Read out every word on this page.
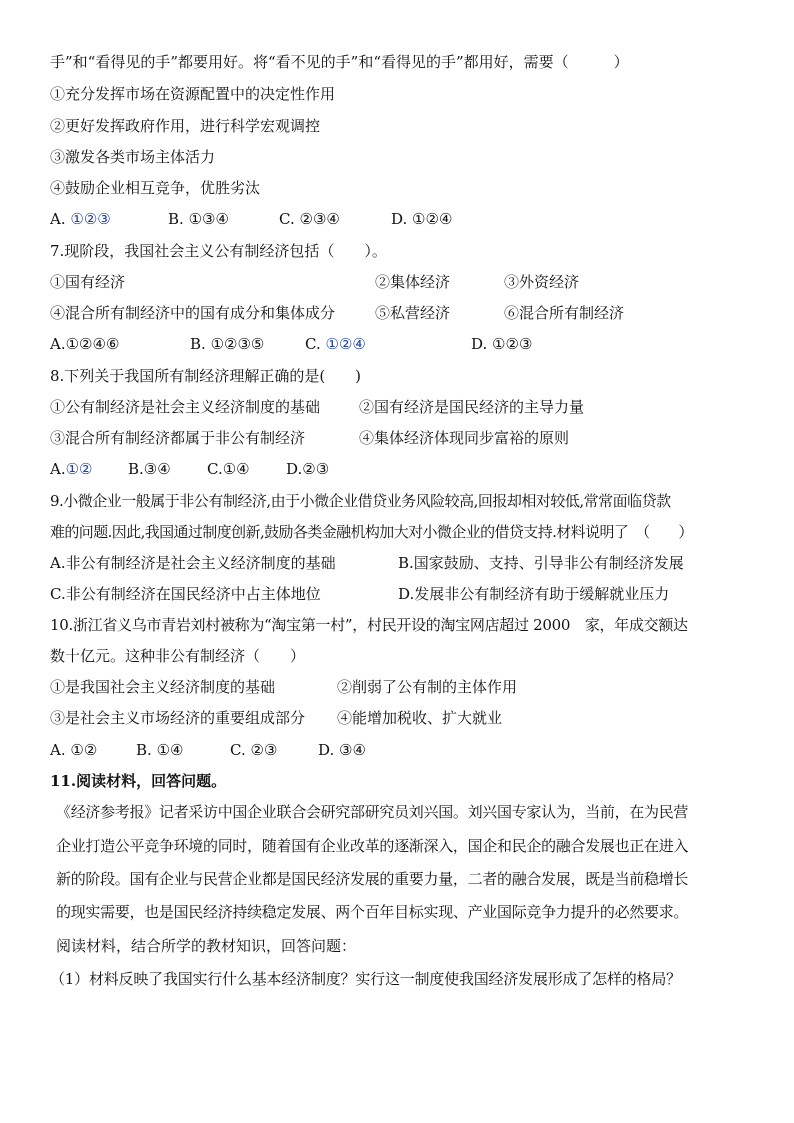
手”和“看得见的手”都要用好。将“看不见的手”和“看得见的手”都用好，需要（　　　）
①充分发挥市场在资源配置中的决定性作用
②更好发挥政府作用，进行科学宏观调控
③激发各类市场主体活力
④鼓励企业相互竞争，优胜劣汰
A. ①②③	B. ①③④	C. ②③④	D. ①②④
7.现阶段，我国社会主义公有制经济包括（　　）。
①国有经济	②集体经济	③外资经济
④混合所有制经济中的国有成分和集体成分	⑤私营经济	⑥混合所有制经济
A.①②④⑥	B. ①②③⑤	C. ①②④	D. ①②③
8.下列关于我国所有制经济理解正确的是(　　)
①公有制经济是社会主义经济制度的基础	②国有经济是国民经济的主导力量
③混合所有制经济都属于非公有制经济	④集体经济体现同步富裕的原则
A.①② B.③④ C.①④ D.②③
9.小微企业一般属于非公有制经济,由于小微企业借贷业务风险较高,回报却相对较低,常常面临贷款
难的问题.因此,我国通过制度创新,鼓励各类金融机构加大对小微企业的借贷支持.材料说明了　（　　）
A.非公有制经济是社会主义经济制度的基础	B.国家鼓励、支持、引导非公有制经济发展
C.非公有制经济在国民经济中占主体地位	D.发展非公有制经济有助于缓解就业压力
10.浙江省义乌市青岩刘村被称为“淘宝第一村”，村民开设的淘宝网店超过 2000　家，年成交额达
数十亿元。这种非公有制经济（　　）
①是我国社会主义经济制度的基础	②削弱了公有制的主体作用
③是社会主义市场经济的重要组成部分 ④能增加税收、扩大就业
A. ①②	B. ①④	C. ②③	D. ③④
11.阅读材料，回答问题。
《经济参考报》记者采访中国企业联合会研究部研究员刘兴国。刘兴国专家认为，当前，在为民营
企业打造公平竞争环境的同时，随着国有企业改革的逐渐深入，国企和民企的融合发展也正在进入
新的阶段。国有企业与民营企业都是国民经济发展的重要力量，二者的融合发展，既是当前稳增长
的现实需要，也是国民经济持续稳定发展、两个百年目标实现、产业国际竞争力提升的必然要求。
阅读材料，结合所学的教材知识，回答问题：
（1）材料反映了我国实行什么基本经济制度？实行这一制度使我国经济发展形成了怎样的格局？
